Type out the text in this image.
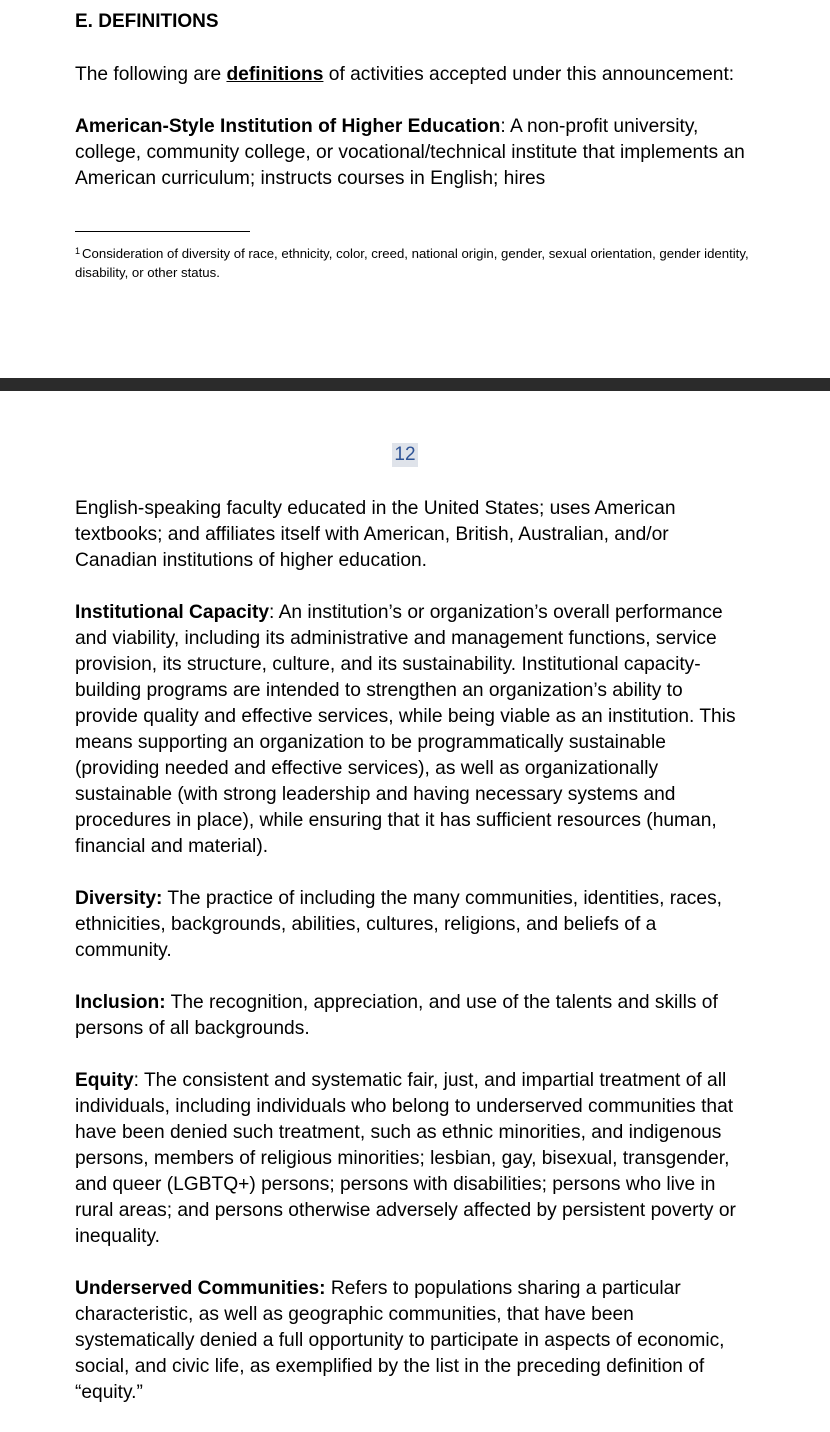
E. DEFINITIONS

The following are definitions of activities accepted under this announcement:

American-Style Institution of Higher Education: A non-profit university, college, community college, or vocational/technical institute that implements an American curriculum; instructs courses in English; hires

$^1$ Consideration of diversity of race, ethnicity, color, creed, national origin, gender, sexual orientation, gender identity, disability, or other status.
12

English-speaking faculty educated in the United States; uses American textbooks; and affiliates itself with American, British, Australian, and/or Canadian institutions of higher education.

Institutional Capacity: An institution’s or organization’s overall performance and viability, including its administrative and management functions, service provision, its structure, culture, and its sustainability. Institutional capacity-building programs are intended to strengthen an organization’s ability to provide quality and effective services, while being viable as an institution. This means supporting an organization to be programmatically sustainable (providing needed and effective services), as well as organizationally sustainable (with strong leadership and having necessary systems and procedures in place), while ensuring that it has sufficient resources (human, financial and material).

Diversity: The practice of including the many communities, identities, races, ethnicities, backgrounds, abilities, cultures, religions, and beliefs of a community.

Inclusion: The recognition, appreciation, and use of the talents and skills of persons of all backgrounds.

Equity: The consistent and systematic fair, just, and impartial treatment of all individuals, including individuals who belong to underserved communities that have been denied such treatment, such as ethnic minorities, and indigenous persons, members of religious minorities; lesbian, gay, bisexual, transgender, and queer (LGBTQ+) persons; persons with disabilities; persons who live in rural areas; and persons otherwise adversely affected by persistent poverty or inequality.

Underserved Communities: Refers to populations sharing a particular characteristic, as well as geographic communities, that have been systematically denied a full opportunity to participate in aspects of economic, social, and civic life, as exemplified by the list in the preceding definition of “equity.”
